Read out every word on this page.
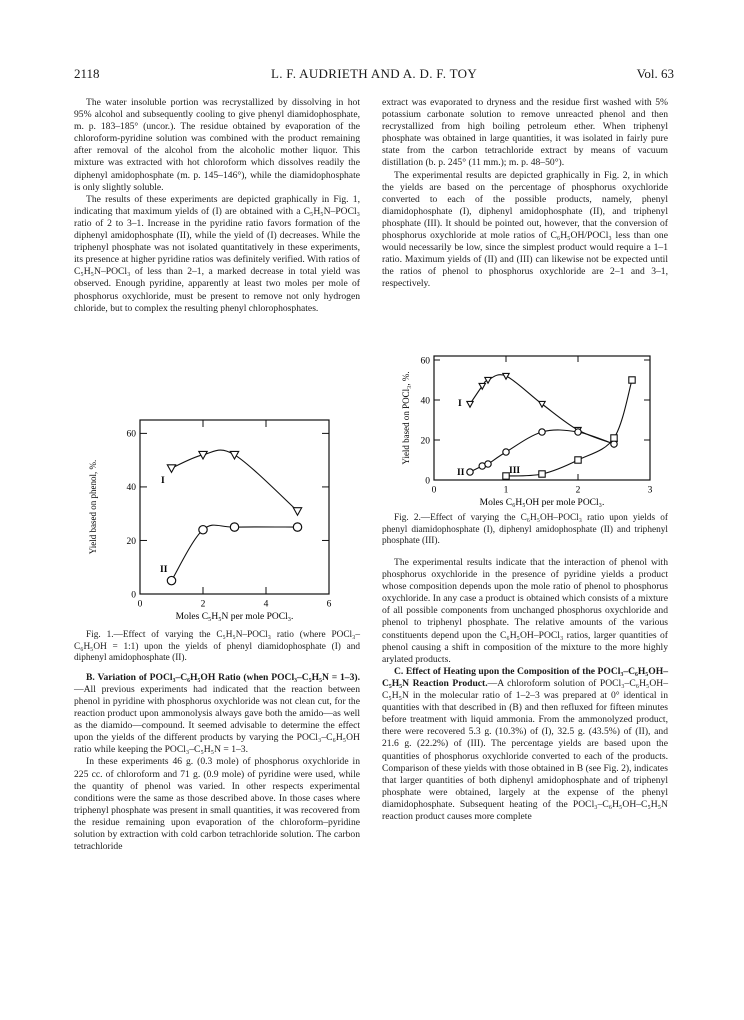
2118	L. F. AUDRIETH AND A. D. F. TOY	Vol. 63

The water insoluble portion was recrystallized by dissolving in hot 95% alcohol and subsequently cooling to give phenyl diamidophosphate, m. p. 183–185° (uncor.). The residue obtained by evaporation of the chloroform-pyridine solution was combined with the product remaining after removal of the alcohol from the alcoholic mother liquor. This mixture was extracted with hot chloroform which dissolves readily the diphenyl amidophosphate (m. p. 145–146°), while the diamidophosphate is only slightly soluble.

The results of these experiments are depicted graphically in Fig. 1, indicating that maximum yields of (I) are obtained with a C₅H₅N–POCl₃ ratio of 2 to 3–1. Increase in the pyridine ratio favors formation of the diphenyl amidophosphate (II), while the yield of (I) decreases. While the triphenyl phosphate was not isolated quantitatively in these experiments, its presence at higher pyridine ratios was definitely verified. With ratios of C₅H₅N–POCl₃ of less than 2–1, a marked decrease in total yield was observed. Enough pyridine, apparently at least two moles per mole of phosphorus oxychloride, must be present to remove not only hydrogen chloride, but to complex the resulting phenyl chlorophosphates.

0	2	4	6
0
20
40
60
Moles C₅H₅N per mole POCl₃.
Yield based on phenol, %.	I
II

Fig. 1.—Effect of varying the C₅H₅N–POCl₃ ratio (where POCl₃–C₆H₅OH = 1:1) upon the yields of phenyl diamidophosphate (I) and diphenyl amidophosphate (II).

B. Variation of POCl₃–C₆H₅OH Ratio (when POCl₃–C₅H₅N = 1–3).—All previous experiments had indicated that the reaction between phenol in pyridine with phosphorus oxychloride was not clean cut, for the reaction product upon ammonolysis always gave both the amido—as well as the diamido—compound. It seemed advisable to determine the effect upon the yields of the different products by varying the POCl₃–C₆H₅OH ratio while keeping the POCl₃–C₅H₅N = 1–3.

In these experiments 46 g. (0.3 mole) of phosphorus oxychloride in 225 cc. of chloroform and 71 g. (0.9 mole) of pyridine were used, while the quantity of phenol was varied. In other respects experimental conditions were the same as those described above. In those cases where triphenyl phosphate was present in small quantities, it was recovered from the residue remaining upon evaporation of the chloroform–pyridine solution by extraction with cold carbon tetrachloride solution. The carbon tetrachloride

extract was evaporated to dryness and the residue first washed with 5% potassium carbonate solution to remove unreacted phenol and then recrystallized from high boiling petroleum ether. When triphenyl phosphate was obtained in large quantities, it was isolated in fairly pure state from the carbon tetrachloride extract by means of vacuum distillation (b. p. 245° (11 mm.); m. p. 48–50°).

The experimental results are depicted graphically in Fig. 2, in which the yields are based on the percentage of phosphorus oxychloride converted to each of the possible products, namely, phenyl diamidophosphate (I), diphenyl amidophosphate (II), and triphenyl phosphate (III). It should be pointed out, however, that the conversion of phosphorus oxychloride at mole ratios of C₆H₅OH/POCl₃ less than one would necessarily be low, since the simplest product would require a 1–1 ratio. Maximum yields of (II) and (III) can likewise not be expected until the ratios of phenol to phosphorus oxychloride are 2–1 and 3–1, respectively.

0	1	2	3
0
20
40
60
Moles C₆H₅OH per mole POCl₃.
Yield based on POCl₃, %.	I
II	III

Fig. 2.—Effect of varying the C₆H₅OH–POCl₃ ratio upon yields of phenyl diamidophosphate (I), diphenyl amidophosphate (II) and triphenyl phosphate (III).

The experimental results indicate that the interaction of phenol with phosphorus oxychloride in the presence of pyridine yields a product whose composition depends upon the mole ratio of phenol to phosphorus oxychloride. In any case a product is obtained which consists of a mixture of all possible components from unchanged phosphorus oxychloride and phenol to triphenyl phosphate. The relative amounts of the various constituents depend upon the C₆H₅OH–POCl₃ ratios, larger quantities of phenol causing a shift in composition of the mixture to the more highly arylated products.

C. Effect of Heating upon the Composition of the POCl₃–C₆H₅OH–C₅H₅N Reaction Product.—A chloroform solution of POCl₃–C₆H₅OH–C₅H₅N in the molecular ratio of 1–2–3 was prepared at 0° identical in quantities with that described in (B) and then refluxed for fifteen minutes before treatment with liquid ammonia. From the ammonolyzed product, there were recovered 5.3 g. (10.3%) of (I), 32.5 g. (43.5%) of (II), and 21.6 g. (22.2%) of (III). The percentage yields are based upon the quantities of phosphorus oxychloride converted to each of the products. Comparison of these yields with those obtained in B (see Fig. 2), indicates that larger quantities of both diphenyl amidophosphate and of triphenyl phosphate were obtained, largely at the expense of the phenyl diamidophosphate. Subsequent heating of the POCl₃–C₆H₅OH–C₅H₅N reaction product causes more complete
